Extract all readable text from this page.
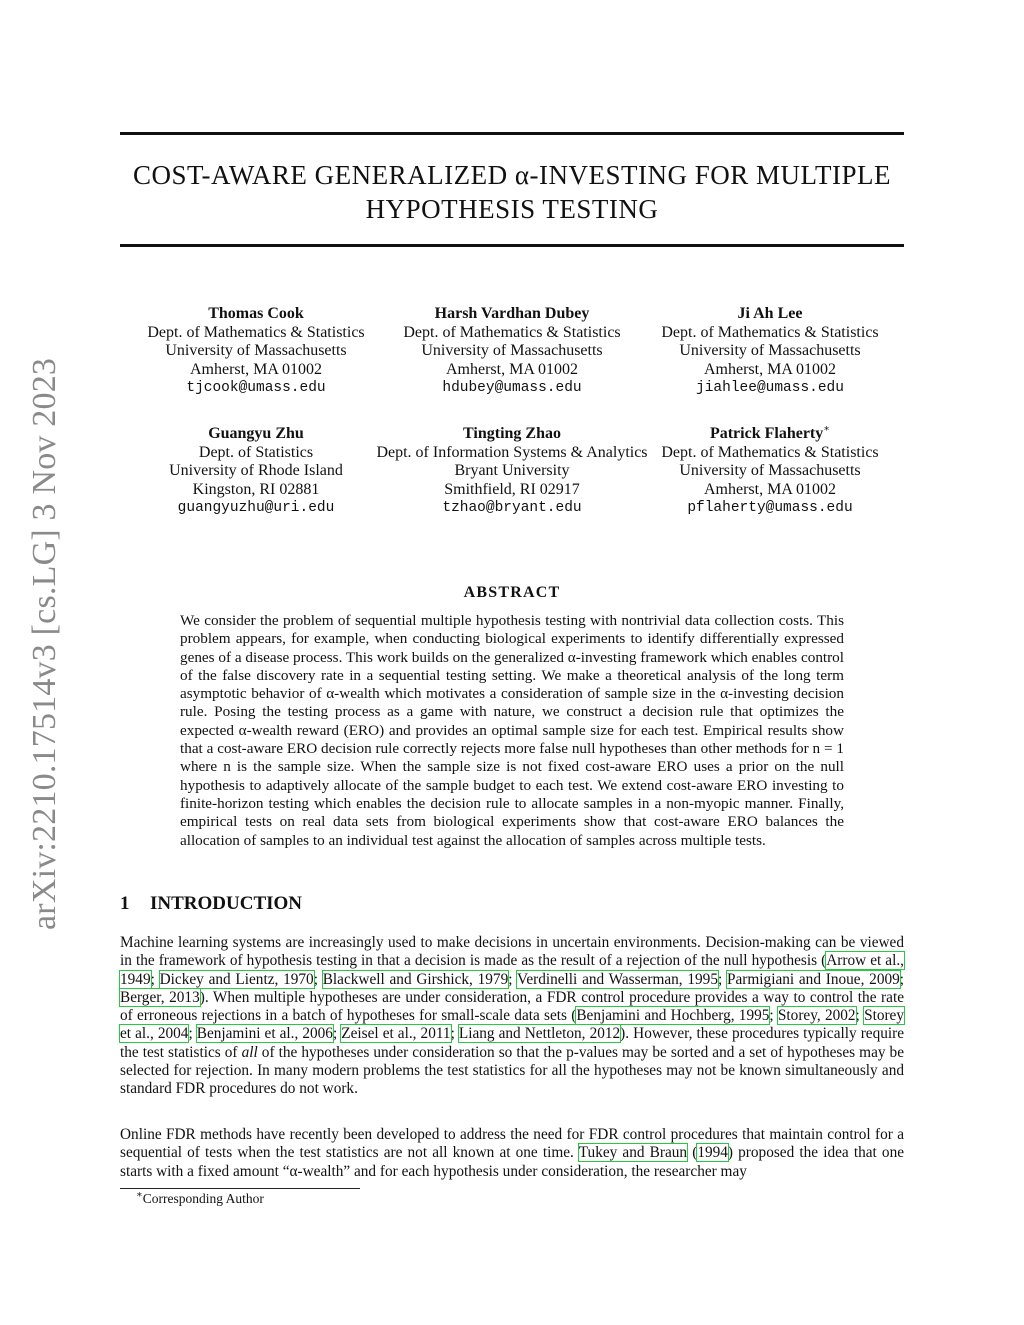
arXiv:2210.17514v3 [cs.LG] 3 Nov 2023
COST-AWARE GENERALIZED α-INVESTING FOR MULTIPLE
HYPOTHESIS TESTING
Thomas Cook
Dept. of Mathematics & Statistics
University of Massachusetts
Amherst, MA 01002
tjcook@umass.edu
Harsh Vardhan Dubey
Dept. of Mathematics & Statistics
University of Massachusetts
Amherst, MA 01002
hdubey@umass.edu
Ji Ah Lee
Dept. of Mathematics & Statistics
University of Massachusetts
Amherst, MA 01002
jiahlee@umass.edu
Guangyu Zhu
Dept. of Statistics
University of Rhode Island
Kingston, RI 02881
guangyuzhu@uri.edu
Tingting Zhao
Dept. of Information Systems & Analytics
Bryant University
Smithfield, RI 02917
tzhao@bryant.edu
Patrick Flaherty∗
Dept. of Mathematics & Statistics
University of Massachusetts
Amherst, MA 01002
pflaherty@umass.edu
ABSTRACT
We consider the problem of sequential multiple hypothesis testing with nontrivial data collection costs. This problem appears, for example, when conducting biological experiments to identify differentially expressed genes of a disease process. This work builds on the generalized α-investing framework which enables control of the false discovery rate in a sequential testing setting. We make a theoretical analysis of the long term asymptotic behavior of α-wealth which motivates a consideration of sample size in the α-investing decision rule. Posing the testing process as a game with nature, we construct a decision rule that optimizes the expected α-wealth reward (ERO) and provides an optimal sample size for each test. Empirical results show that a cost-aware ERO decision rule correctly rejects more false null hypotheses than other methods for n = 1 where n is the sample size. When the sample size is not fixed cost-aware ERO uses a prior on the null hypothesis to adaptively allocate of the sample budget to each test. We extend cost-aware ERO investing to finite-horizon testing which enables the decision rule to allocate samples in a non-myopic manner. Finally, empirical tests on real data sets from biological experiments show that cost-aware ERO balances the allocation of samples to an individual test against the allocation of samples across multiple tests.
1 INTRODUCTION
Machine learning systems are increasingly used to make decisions in uncertain environments. Decision-making can be viewed in the framework of hypothesis testing in that a decision is made as the result of a rejection of the null hypothesis (Arrow et al., 1949; Dickey and Lientz, 1970; Blackwell and Girshick, 1979; Verdinelli and Wasserman, 1995; Parmigiani and Inoue, 2009; Berger, 2013). When multiple hypotheses are under consideration, a FDR control procedure provides a way to control the rate of erroneous rejections in a batch of hypotheses for small-scale data sets (Benjamini and Hochberg, 1995; Storey, 2002; Storey et al., 2004; Benjamini et al., 2006; Zeisel et al., 2011; Liang and Nettleton, 2012). However, these procedures typically require the test statistics of all of the hypotheses under consideration so that the p-values may be sorted and a set of hypotheses may be selected for rejection. In many modern problems the test statistics for all the hypotheses may not be known simultaneously and standard FDR procedures do not work.
Online FDR methods have recently been developed to address the need for FDR control procedures that maintain control for a sequential of tests when the test statistics are not all known at one time. Tukey and Braun (1994) proposed the idea that one starts with a fixed amount “α-wealth” and for each hypothesis under consideration, the researcher may
∗Corresponding Author
